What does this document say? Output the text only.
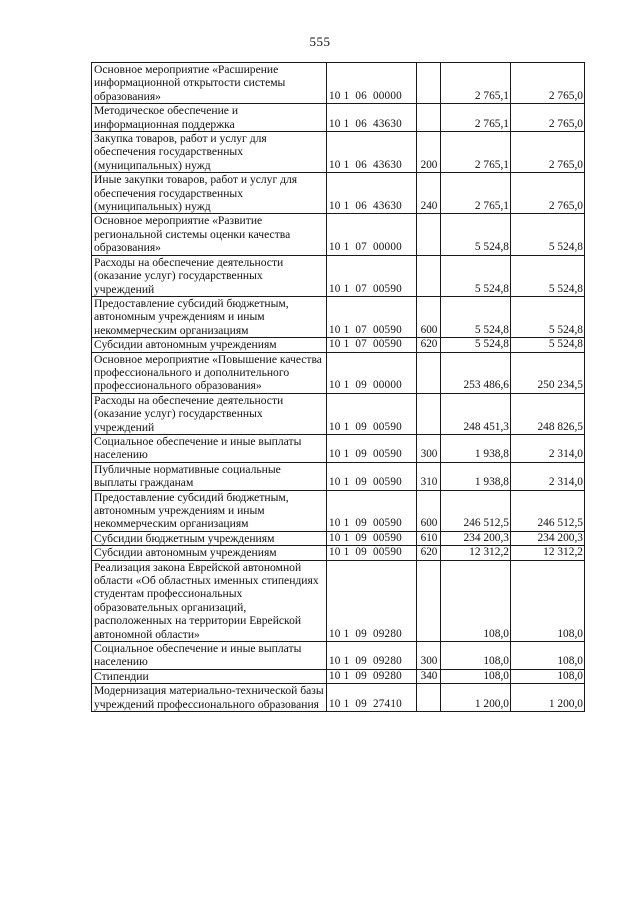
555
Основное мероприятие «Расширение информационной открытости системы образования»	10 1  06  00000		2 765,1	2 765,0
Методическое обеспечение и информационная поддержка	10 1  06  43630		2 765,1	2 765,0
Закупка товаров, работ и услуг для обеспечения государственных (муниципальных) нужд	10 1  06  43630	200	2 765,1	2 765,0
Иные закупки товаров, работ и услуг для обеспечения государственных (муниципальных) нужд	10 1  06  43630	240	2 765,1	2 765,0
Основное мероприятие «Развитие региональной системы оценки качества образования»	10 1  07  00000		5 524,8	5 524,8
Расходы на обеспечение деятельности (оказание услуг) государственных учреждений	10 1  07  00590		5 524,8	5 524,8
Предоставление субсидий бюджетным, автономным учреждениям и иным некоммерческим организациям	10 1  07  00590	600	5 524,8	5 524,8
Субсидии автономным учреждениям	10 1  07  00590	620	5 524,8	5 524,8
Основное мероприятие «Повышение качества профессионального и дополнительного профессионального образования»	10 1  09  00000		253 486,6	250 234,5
Расходы на обеспечение деятельности (оказание услуг) государственных учреждений	10 1  09  00590		248 451,3	248 826,5
Социальное обеспечение и иные выплаты населению	10 1  09  00590	300	1 938,8	2 314,0
Публичные нормативные социальные выплаты гражданам	10 1  09  00590	310	1 938,8	2 314,0
Предоставление субсидий бюджетным, автономным учреждениям и иным некоммерческим организациям	10 1  09  00590	600	246 512,5	246 512,5
Субсидии бюджетным учреждениям	10 1  09  00590	610	234 200,3	234 200,3
Субсидии автономным учреждениям	10 1  09  00590	620	12 312,2	12 312,2
Реализация закона Еврейской автономной области «Об областных именных стипендиях студентам профессиональных образовательных организаций, расположенных на территории Еврейской автономной области»	10 1  09  09280		108,0	108,0
Социальное обеспечение и иные выплаты населению	10 1  09  09280	300	108,0	108,0
Стипендии	10 1  09  09280	340	108,0	108,0
Модернизация материально-технической базы учреждений профессионального образования	10 1  09  27410		1 200,0	1 200,0
